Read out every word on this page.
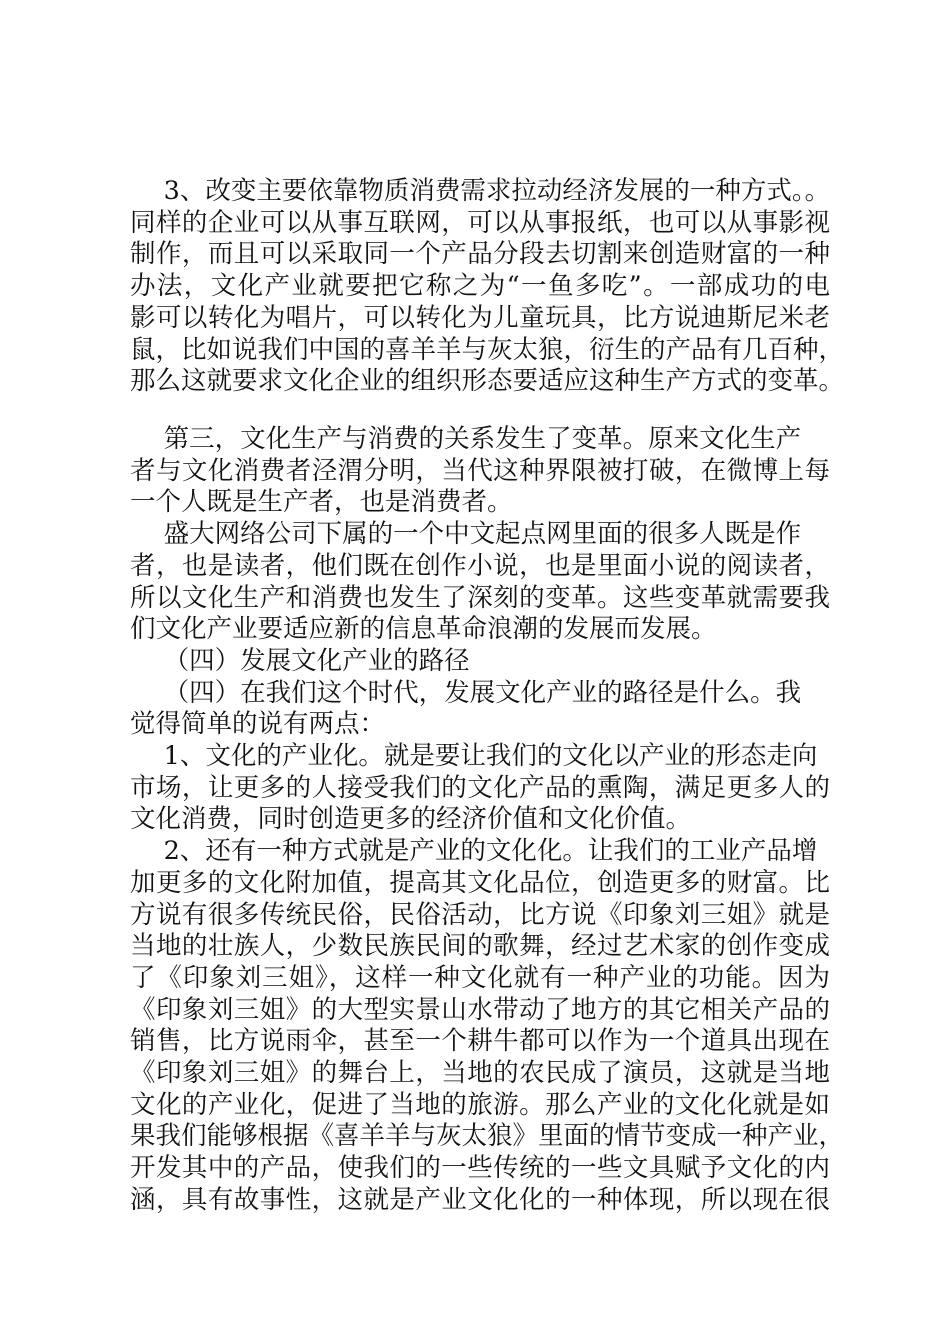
　 3、改变主要依靠物质消费需求拉动经济发展的一种方式。。
同样的企业可以从事互联网，可以从事报纸，也可以从事影视
制作，而且可以采取同一个产品分段去切割来创造财富的一种
办法，文化产业就要把它称之为“一鱼多吃”。一部成功的电
影可以转化为唱片，可以转化为儿童玩具，比方说迪斯尼米老
鼠，比如说我们中国的喜羊羊与灰太狼，衍生的产品有几百种，
那么这就要求文化企业的组织形态要适应这种生产方式的变革。
　 第三，文化生产与消费的关系发生了变革。原来文化生产
者与文化消费者泾渭分明，当代这种界限被打破，在微博上每
一个人既是生产者，也是消费者。
　 盛大网络公司下属的一个中文起点网里面的很多人既是作
者，也是读者，他们既在创作小说，也是里面小说的阅读者，
所以文化生产和消费也发生了深刻的变革。这些变革就需要我
们文化产业要适应新的信息革命浪潮的发展而发展。
　 （四）发展文化产业的路径
　 （四）在我们这个时代，发展文化产业的路径是什么。我
觉得简单的说有两点：
　 1、文化的产业化。就是要让我们的文化以产业的形态走向
市场，让更多的人接受我们的文化产品的熏陶，满足更多人的
文化消费，同时创造更多的经济价值和文化价值。
　 2、还有一种方式就是产业的文化化。让我们的工业产品增
加更多的文化附加值，提高其文化品位，创造更多的财富。比
方说有很多传统民俗，民俗活动，比方说《印象刘三姐》就是
当地的壮族人，少数民族民间的歌舞，经过艺术家的创作变成
了《印象刘三姐》，这样一种文化就有一种产业的功能。因为
《印象刘三姐》的大型实景山水带动了地方的其它相关产品的
销售，比方说雨伞，甚至一个耕牛都可以作为一个道具出现在
《印象刘三姐》的舞台上，当地的农民成了演员，这就是当地
文化的产业化，促进了当地的旅游。那么产业的文化化就是如
果我们能够根据《喜羊羊与灰太狼》里面的情节变成一种产业，
开发其中的产品，使我们的一些传统的一些文具赋予文化的内
涵，具有故事性，这就是产业文化化的一种体现，所以现在很
